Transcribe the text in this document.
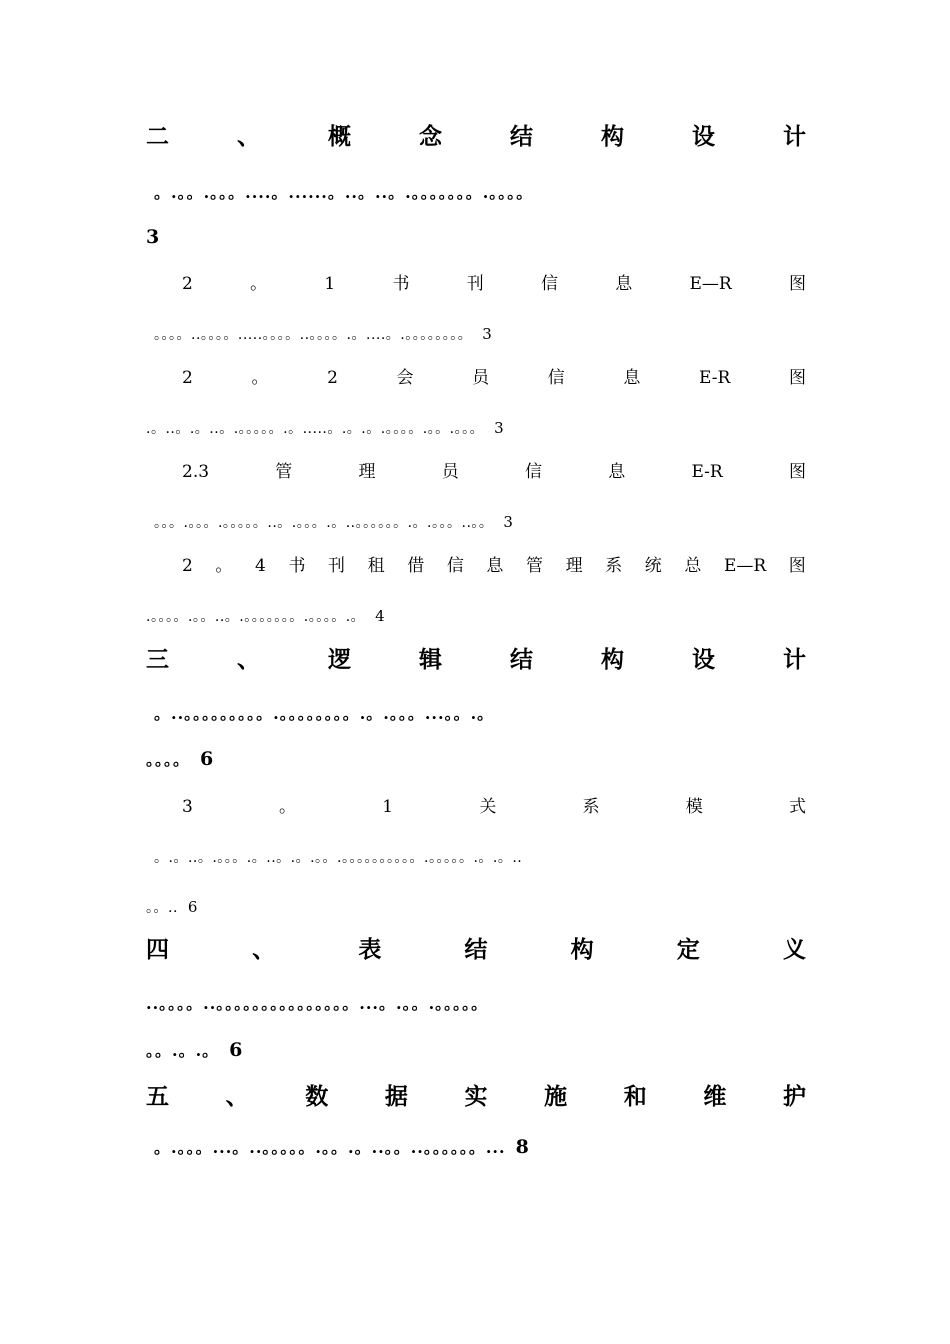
二	、	概	念	结	构	设	计
。.。。.。。。....。......。..。..。.。。。。。。。.。。。。
3
2	。	1	书	刊	信	息	E—R	图
。。。。..。。。。.....。。。。..。。。。.。....。.。。。。。。。。 3
2	。	2	会	员	信	息	E-R	图
.。..。.。..。.。。。。。.。.....。.。.。.。。。。.。。.。。。 3
2.3	管	理	员	信	息	E-R	图
。。。.。。。.。。。。。..。.。。。.。..。。。。。。.。.。。。..。。 3
2 。 4 书 刊 租 借 信 息 管 理 系 统 总 E—R 图
.。。。。.。。..。.。。。。。。。.。。。。.。 4
三	、	逻	辑	结	构	设	计
。..。。。。。。。。。.。。。。。。。。.。.。。。...。。.。
。。。。 6
3	。	1	关	系	模	式
。.。..。.。。。.。..。.。.。。.。。。。。。。。。。.。。。。。.。.。..
。。.. 6
四	、	表	结	构	定	义
..。。。。..。。。。。。。。。。。。。。。...。.。。.。。。。。
。。.。.。 6
五 、 数 据 实 施 和 维 护
。.。。。...。..。。。。。.。。.。..。。..。。。。。。... 8
